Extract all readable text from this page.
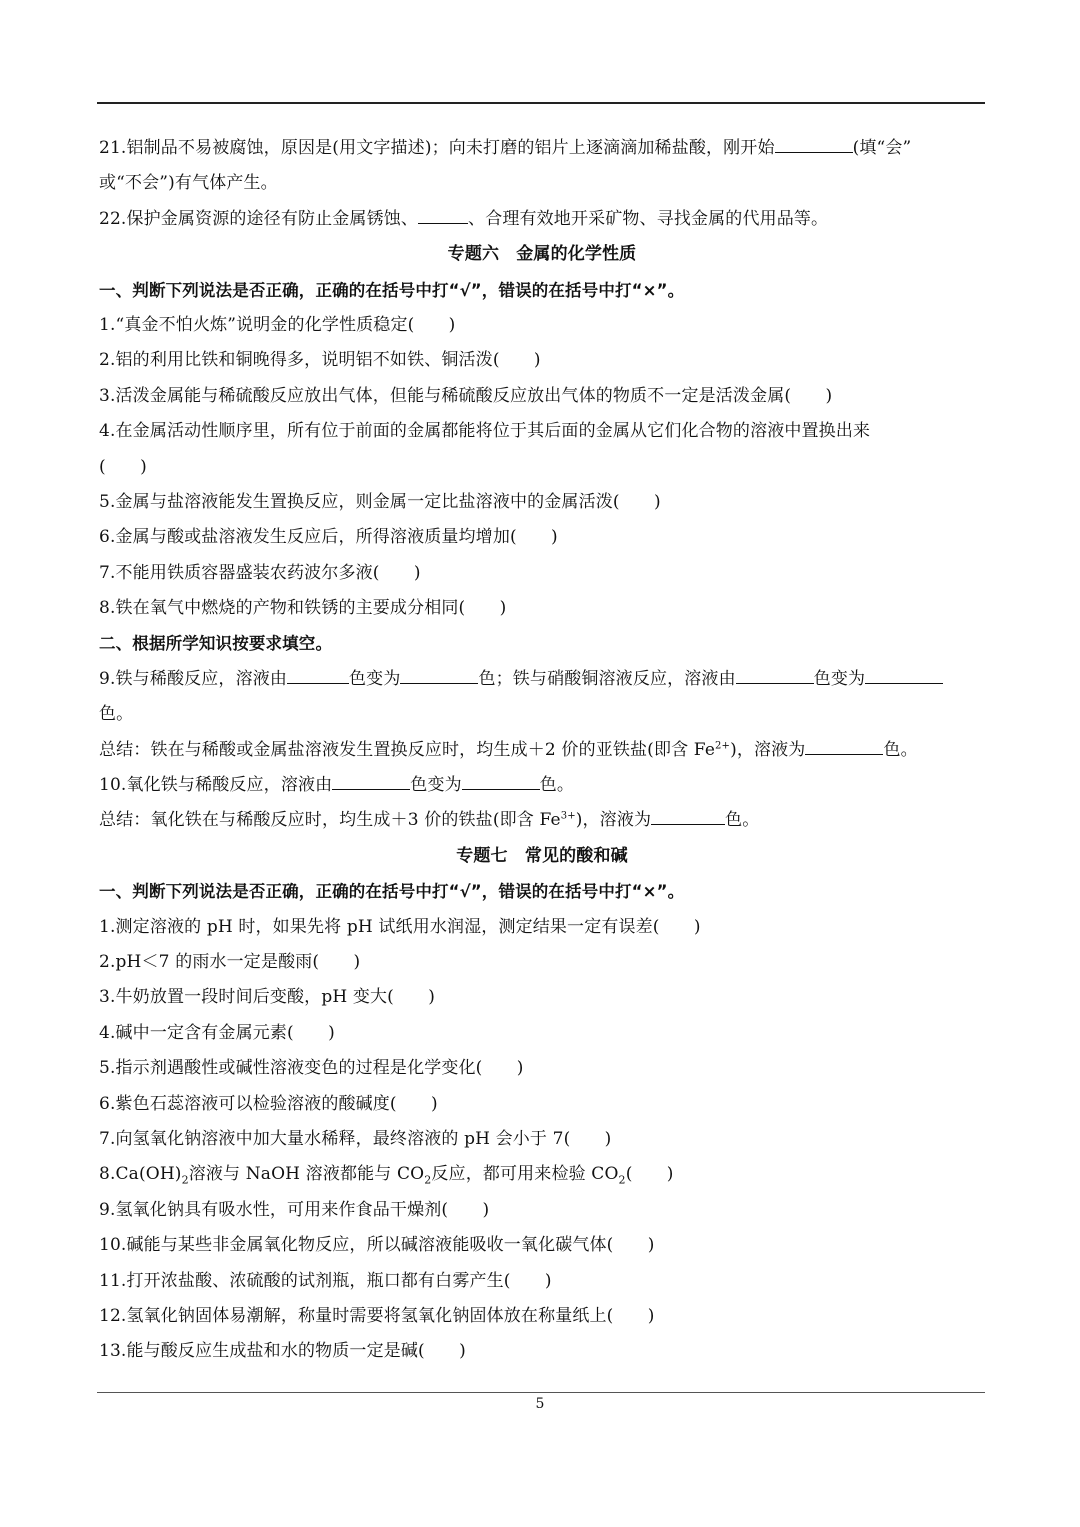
21.铝制品不易被腐蚀，原因是(用文字描述)；向未打磨的铝片上逐滴滴加稀盐酸，刚开始	(填“会”
或“不会”)有气体产生。
22.保护金属资源的途径有防止金属锈蚀、	、合理有效地开采矿物、寻找金属的代用品等。
专题六　金属的化学性质
一、判断下列说法是否正确，正确的在括号中打“√”，错误的在括号中打“×”。
1.“真金不怕火炼”说明金的化学性质稳定(　　)
2.铝的利用比铁和铜晚得多，说明铝不如铁、铜活泼(　　)
3.活泼金属能与稀硫酸反应放出气体，但能与稀硫酸反应放出气体的物质不一定是活泼金属(　　)
4.在金属活动性顺序里，所有位于前面的金属都能将位于其后面的金属从它们化合物的溶液中置换出来
(　　)
5.金属与盐溶液能发生置换反应，则金属一定比盐溶液中的金属活泼(　　)
6.金属与酸或盐溶液发生反应后，所得溶液质量均增加(　　)
7.不能用铁质容器盛装农药波尔多液(　　)
8.铁在氧气中燃烧的产物和铁锈的主要成分相同(　　)
二、根据所学知识按要求填空。
9.铁与稀酸反应，溶液由	色变为	色；铁与硝酸铜溶液反应，溶液由	色变为
色。
总结：铁在与稀酸或金属盐溶液发生置换反应时，均生成＋2 价的亚铁盐(即含 $Fe^{2+}$)，溶液为	色。
10.氧化铁与稀酸反应，溶液由	色变为	色。
总结：氧化铁在与稀酸反应时，均生成＋3 价的铁盐(即含 $Fe^{3+}$)，溶液为	色。
专题七　常见的酸和碱
一、判断下列说法是否正确，正确的在括号中打“√”，错误的在括号中打“×”。
1.测定溶液的 pH 时，如果先将 pH 试纸用水润湿，测定结果一定有误差(　　)
2.pH＜7 的雨水一定是酸雨(　　)
3.牛奶放置一段时间后变酸，pH 变大(　　)
4.碱中一定含有金属元素(　　)
5.指示剂遇酸性或碱性溶液变色的过程是化学变化(　　)
6.紫色石蕊溶液可以检验溶液的酸碱度(　　)
7.向氢氧化钠溶液中加大量水稀释，最终溶液的 pH 会小于 7(　　)
$8.Ca(OH)_2$溶液与 NaOH 溶液都能与 $CO_2$反应，都可用来检验 $CO_2$(　　)
9.氢氧化钠具有吸水性，可用来作食品干燥剂(　　)
10.碱能与某些非金属氧化物反应，所以碱溶液能吸收一氧化碳气体(　　)
11.打开浓盐酸、浓硫酸的试剂瓶，瓶口都有白雾产生(　　)
12.氢氧化钠固体易潮解，称量时需要将氢氧化钠固体放在称量纸上(　　)
13.能与酸反应生成盐和水的物质一定是碱(　　)
5
